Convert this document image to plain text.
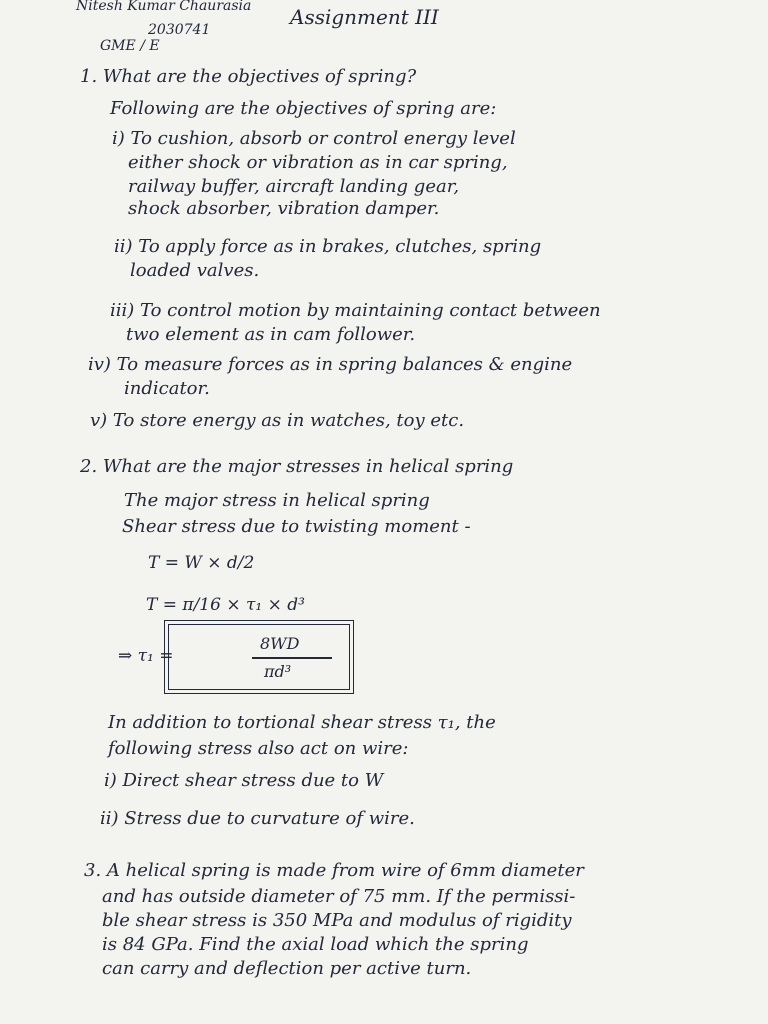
Nitesh Kumar Chaurasia Assignment III
2030741
GME / E
1. What are the objectives of spring?
Following are the objectives of spring are:
i) To cushion, absorb or control energy level
either shock or vibration as in car spring,
railway buffer, aircraft landing gear,
shock absorber, vibration damper.
ii) To apply force as in brakes, clutches, spring
loaded valves.
iii) To control motion by maintaining contact between
two element as in cam follower.
iv) To measure forces as in spring balances & engine
indicator.
v) To store energy as in watches, toy etc.
2. What are the major stresses in helical spring
The major stress in helical spring
Shear stress due to twisting moment -
T = W × d/2
T = π/16 × τ₁ × d³
⇒ τ₁ =
8WD
πd³
In addition to tortional shear stress τ₁, the
following stress also act on wire:
i) Direct shear stress due to W
ii) Stress due to curvature of wire.
3. A helical spring is made from wire of 6mm diameter
and has outside diameter of 75 mm. If the permissi-
ble shear stress is 350 MPa and modulus of rigidity
is 84 GPa. Find the axial load which the spring
can carry and deflection per active turn.
